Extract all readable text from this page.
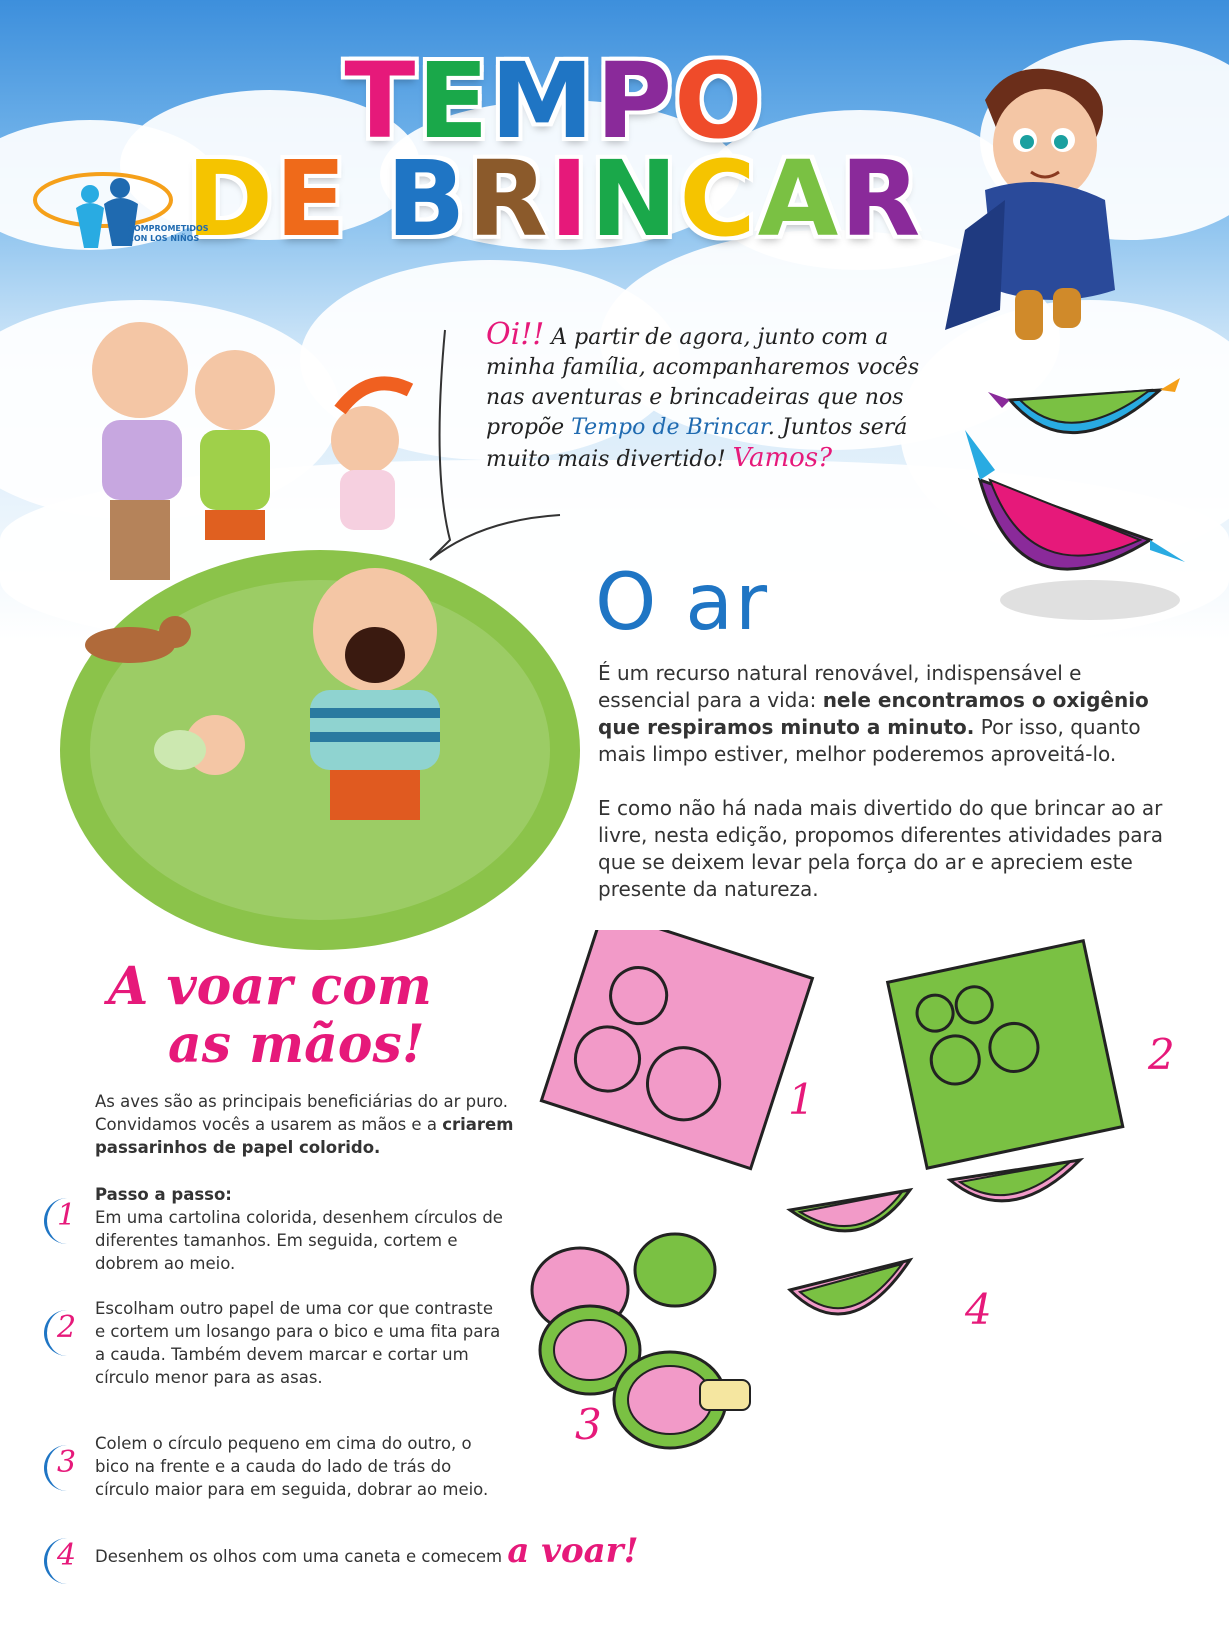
TEMPO
DE BRINCAR
COMPROMETIDOS
CON LOS NIÑOS
Oi!! A partir de agora, junto com a minha família, acompanharemos vocês nas aventuras e brincadeiras que nos propõe Tempo de Brincar. Juntos será muito mais divertido! Vamos?
O ar
É um recurso natural renovável, indispensável e essencial para a vida: nele encontramos o oxigênio que respiramos minuto a minuto. Por isso, quanto mais limpo estiver, melhor poderemos aproveitá-lo.
E como não há nada mais divertido do que brincar ao ar livre, nesta edição, propomos diferentes atividades para que se deixem levar pela força do ar e apreciem este presente da natureza.
A voar com
as mãos!
As aves são as principais beneficiárias do ar puro. Convidamos vocês a usarem as mãos e a criarem passarinhos de papel colorido.
Passo a passo:
1	Em uma cartolina colorida, desenhem círculos de diferentes tamanhos. Em seguida, cortem e dobrem ao meio.
2
Escolham outro papel de uma cor que contraste e cortem um losango para o bico e uma fita para a cauda. Também devem marcar e cortar um círculo menor para as asas.
3
Colem o círculo pequeno em cima do outro, o bico na frente e a cauda do lado de trás do círculo maior para em seguida, dobrar ao meio.
4	Desenhem os olhos com uma caneta e comecem a voar!
1
2
3
4
